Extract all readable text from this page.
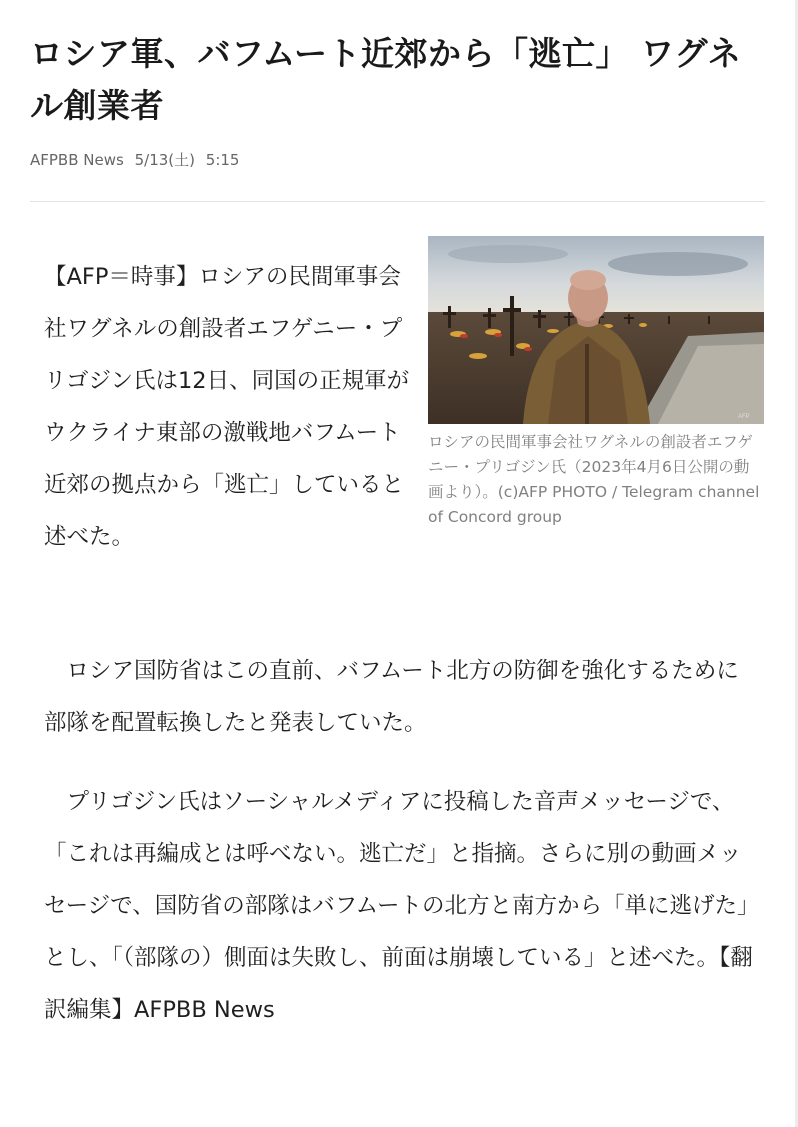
ロシア軍、バフムート近郊から「逃亡」 ワグネル創業者
AFPBB News 5/13(土) 5:15

【AFP＝時事】ロシアの民間軍事会社ワグネルの創設者エフゲニー・プリゴジン氏は12日、同国の正規軍がウクライナ東部の激戦地バフムート近郊の拠点から「逃亡」していると述べた。

AFP
ロシアの民間軍事会社ワグネルの創設者エフゲニー・プリゴジン氏（2023年4月6日公開の動画より）。(c)AFP PHOTO / Telegram channel of Concord group

ロシア国防省はこの直前、バフムート北方の防御を強化するために部隊を配置転換したと発表していた。

プリゴジン氏はソーシャルメディアに投稿した音声メッセージで、「これは再編成とは呼べない。逃亡だ」と指摘。さらに別の動画メッセージで、国防省の部隊はバフムートの北方と南方から「単に逃げた」とし、「（部隊の）側面は失敗し、前面は崩壊している」と述べた。【翻訳編集】AFPBB News
